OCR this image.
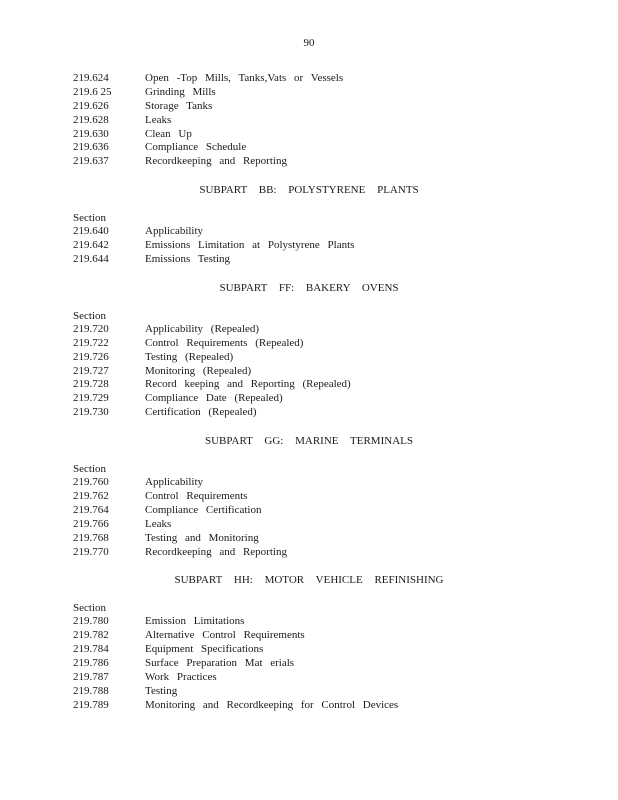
90
219.624	Open -Top Mills, Tanks,Vats or Vessels
219.6 25	Grinding Mills
219.626	Storage Tanks
219.628	Leaks
219.630	Clean Up
219.636	Compliance Schedule
219.637	Recordkeeping and Reporting
SUBPART BB: POLYSTYRENE PLANTS
Section
219.640	Applicability
219.642	Emissions Limitation at Polystyrene Plants
219.644	Emissions Testing
SUBPART FF: BAKERY OVENS
Section
219.720	Applicability (Repealed)
219.722	Control Requirements (Repealed)
219.726	Testing (Repealed)
219.727	Monitoring (Repealed)
219.728	Record keeping and Reporting (Repealed)
219.729	Compliance Date (Repealed)
219.730	Certification (Repealed)
SUBPART GG: MARINE TERMINALS
Section
219.760	Applicability
219.762	Control Requirements
219.764	Compliance Certification
219.766	Leaks
219.768	Testing and Monitoring
219.770	Recordkeeping and Reporting
SUBPART HH: MOTOR VEHICLE REFINISHING
Section
219.780	Emission Limitations
219.782	Alternative Control Requirements
219.784	Equipment Specifications
219.786	Surface Preparation Mat erials
219.787	Work Practices
219.788	Testing
219.789	Monitoring and Recordkeeping for Control Devices
